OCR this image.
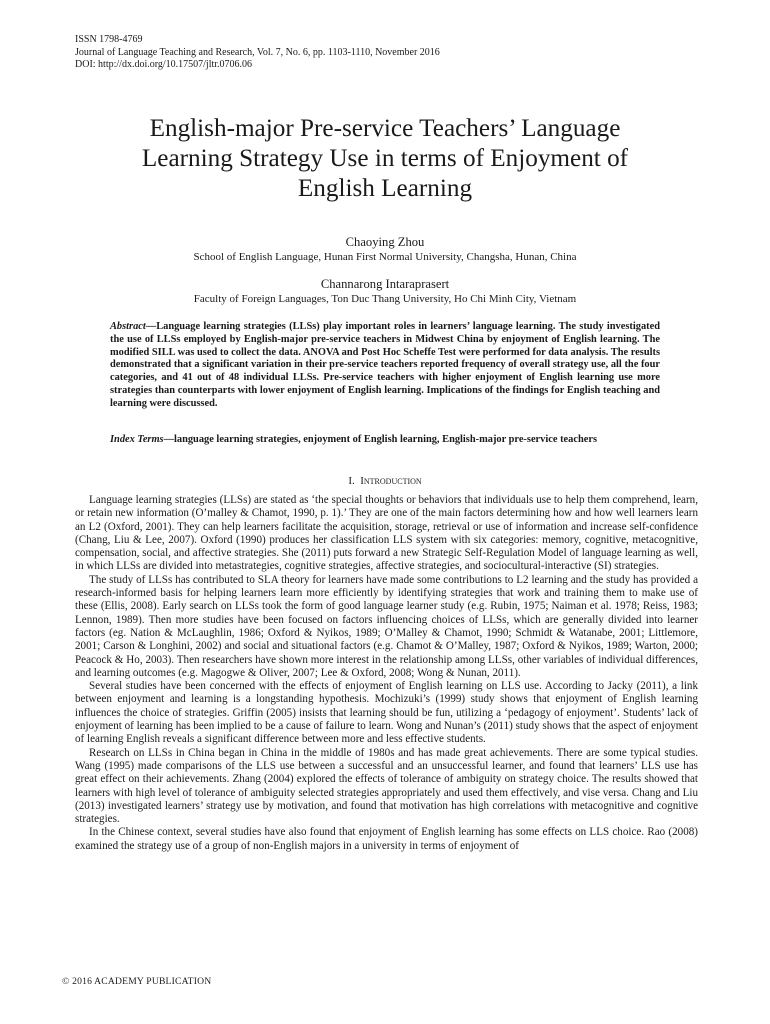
ISSN 1798-4769
Journal of Language Teaching and Research, Vol. 7, No. 6, pp. 1103-1110, November 2016
DOI: http://dx.doi.org/10.17507/jltr.0706.06
English-major Pre-service Teachers’ Language
Learning Strategy Use in terms of Enjoyment of
English Learning
Chaoying Zhou
School of English Language, Hunan First Normal University, Changsha, Hunan, China
Channarong Intaraprasert
Faculty of Foreign Languages, Ton Duc Thang University, Ho Chi Minh City, Vietnam
Abstract—Language learning strategies (LLSs) play important roles in learners’ language learning. The study investigated the use of LLSs employed by English-major pre-service teachers in Midwest China by enjoyment of English learning. The modified SILL was used to collect the data. ANOVA and Post Hoc Scheffe Test were performed for data analysis. The results demonstrated that a significant variation in their pre-service teachers reported frequency of overall strategy use, all the four categories, and 41 out of 48 individual LLSs. Pre-service teachers with higher enjoyment of English learning use more strategies than counterparts with lower enjoyment of English learning. Implications of the findings for English teaching and learning were discussed.
Index Terms—language learning strategies, enjoyment of English learning, English-major pre-service teachers
I. Introduction

Language learning strategies (LLSs) are stated as ‘the special thoughts or behaviors that individuals use to help them comprehend, learn, or retain new information (O’malley & Chamot, 1990, p. 1).’ They are one of the main factors determining how and how well learners learn an L2 (Oxford, 2001). They can help learners facilitate the acquisition, storage, retrieval or use of information and increase self-confidence (Chang, Liu & Lee, 2007). Oxford (1990) produces her classification LLS system with six categories: memory, cognitive, metacognitive, compensation, social, and affective strategies. She (2011) puts forward a new Strategic Self-Regulation Model of language learning as well, in which LLSs are divided into metastrategies, cognitive strategies, affective strategies, and sociocultural-interactive (SI) strategies.

The study of LLSs has contributed to SLA theory for learners have made some contributions to L2 learning and the study has provided a research-informed basis for helping learners learn more efficiently by identifying strategies that work and training them to make use of these (Ellis, 2008). Early search on LLSs took the form of good language learner study (e.g. Rubin, 1975; Naiman et al. 1978; Reiss, 1983; Lennon, 1989). Then more studies have been focused on factors influencing choices of LLSs, which are generally divided into learner factors (eg. Nation & McLaughlin, 1986; Oxford & Nyikos, 1989; O’Malley & Chamot, 1990; Schmidt & Watanabe, 2001; Littlemore, 2001; Carson & Longhini, 2002) and social and situational factors (e.g. Chamot & O’Malley, 1987; Oxford & Nyikos, 1989; Warton, 2000; Peacock & Ho, 2003). Then researchers have shown more interest in the relationship among LLSs, other variables of individual differences, and learning outcomes (e.g. Magogwe & Oliver, 2007; Lee & Oxford, 2008; Wong & Nunan, 2011).

Several studies have been concerned with the effects of enjoyment of English learning on LLS use. According to Jacky (2011), a link between enjoyment and learning is a longstanding hypothesis. Mochizuki’s (1999) study shows that enjoyment of English learning influences the choice of strategies. Griffin (2005) insists that learning should be fun, utilizing a ‘pedagogy of enjoyment’. Students’ lack of enjoyment of learning has been implied to be a cause of failure to learn. Wong and Nunan’s (2011) study shows that the aspect of enjoyment of learning English reveals a significant difference between more and less effective students.

Research on LLSs in China began in China in the middle of 1980s and has made great achievements. There are some typical studies. Wang (1995) made comparisons of the LLS use between a successful and an unsuccessful learner, and found that learners’ LLS use has great effect on their achievements. Zhang (2004) explored the effects of tolerance of ambiguity on strategy choice. The results showed that learners with high level of tolerance of ambiguity selected strategies appropriately and used them effectively, and vise versa. Chang and Liu (2013) investigated learners’ strategy use by motivation, and found that motivation has high correlations with metacognitive and cognitive strategies.

In the Chinese context, several studies have also found that enjoyment of English learning has some effects on LLS choice. Rao (2008) examined the strategy use of a group of non-English majors in a university in terms of enjoyment of

© 2016 ACADEMY PUBLICATION
